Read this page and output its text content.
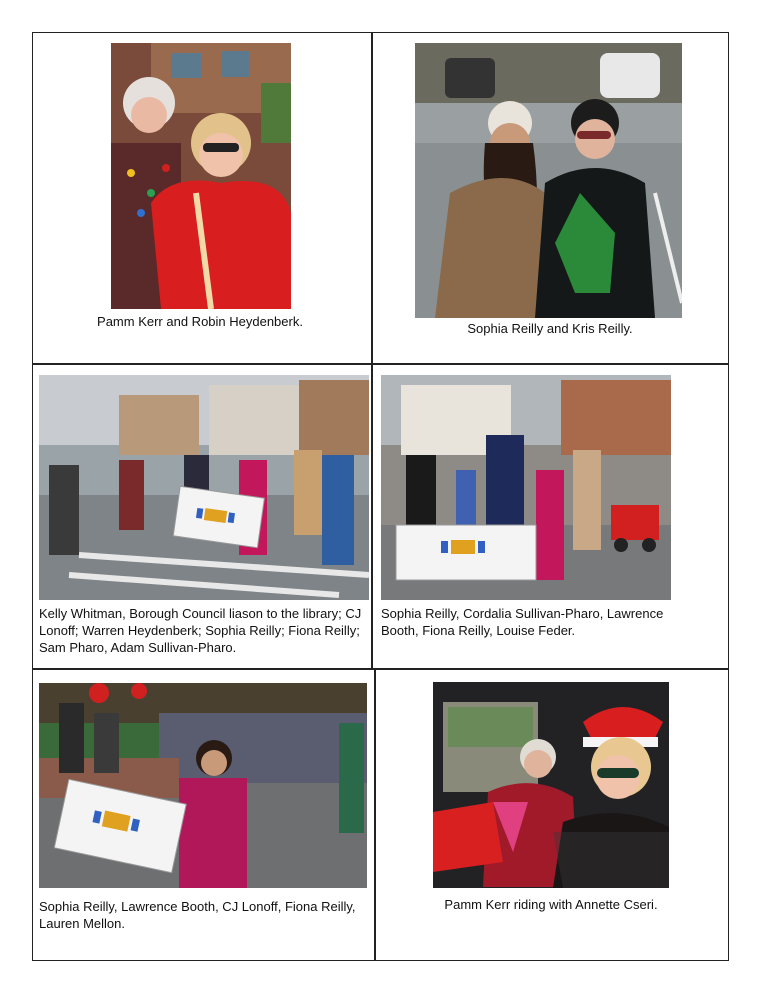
Pamm Kerr and Robin Heydenberk.	Sophia Reilly and Kris Reilly.
Kelly Whitman, Borough Council liason to the library; CJ Lonoff; Warren Heydenberk; Sophia Reilly; Fiona Reilly; Sam Pharo, Adam Sullivan-Pharo.
Sophia Reilly, Cordalia Sullivan-Pharo, Lawrence Booth, Fiona Reilly, Louise Feder.
Sophia Reilly, Lawrence Booth, CJ Lonoff, Fiona Reilly, Lauren Mellon.
Pamm Kerr riding with Annette Cseri.
